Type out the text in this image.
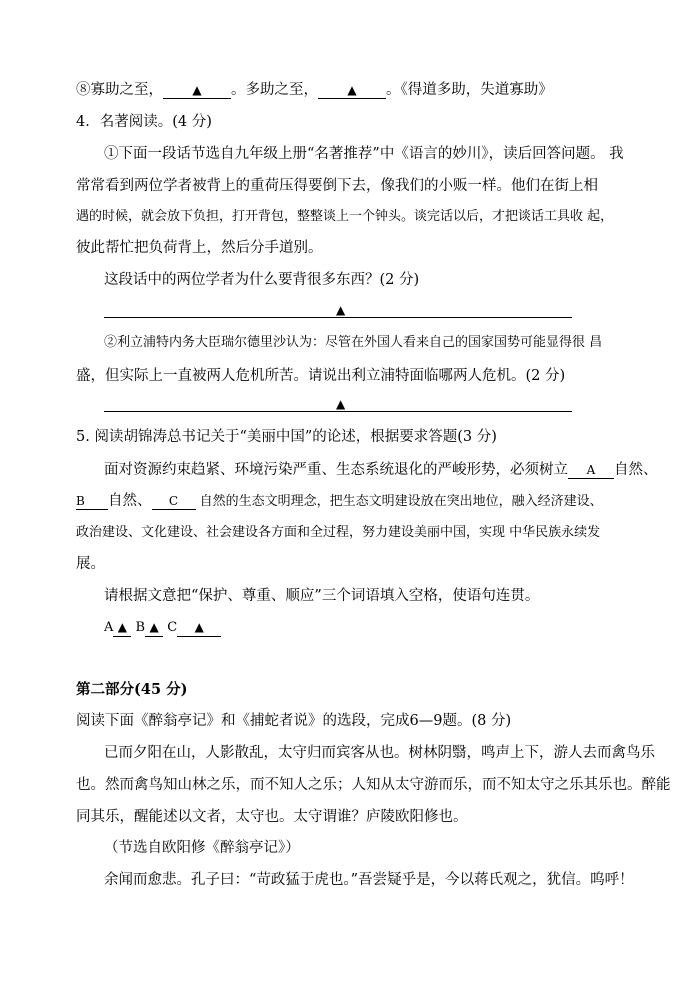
⑧寡助之至， ▲ 。多助之至， ▲ 。《得道多助，失道寡助》
4．名著阅读。(4 分)
①下面一段话节选自九年级上册“名著推荐”中《语言的妙川》，读后回答问题。 我
常常看到两位学者被背上的重荷压得要倒下去，像我们的小贩一样。他们在街上相
遇的时候，就会放下负担，打开背包，整整谈上一个钟头。谈完话以后，才把谈话工具收 起，
彼此帮忙把负荷背上，然后分手道别。
这段话中的两位学者为什么要背很多东西？(2 分)
▲
②利立浦特内务大臣瑞尔德里沙认为：尽管在外国人看来自己的国家国势可能显得很 昌
盛，但实际上一直被两人危机所苦。请说出利立浦特面临哪两人危机。(2 分)
▲
5. 阅读胡锦涛总书记关于“美丽中国”的论述，根据要求答题(3 分)
面对资源约束趋紧、环境污染严重、生态系统退化的严峻形势，必须树立 A 自然、
B 自然、 C 自然的生态文明理念，把生态文明建设放在突出地位，融入经济建设、
政治建设、文化建设、社会建设各方面和全过程，努力建设美丽中国，实现 中华民族永续发
展。
请根据文意把“保护、尊重、顺应”三个词语填入空格，使语句连贯。
A ▲ B ▲ C ▲
第二部分(45 分)
阅读下面《醉翁亭记》和《捕蛇者说》的选段，完成6—9题。(8 分)
已而夕阳在山，人影散乱，太守归而宾客从也。树林阴翳，鸣声上下，游人去而禽鸟乐
也。然而禽鸟知山林之乐，而不知人之乐；人知从太守游而乐，而不知太守之乐其乐也。醉能
同其乐，醒能述以文者，太守也。太守谓谁？庐陵欧阳修也。
（节选自欧阳修《醉翁亭记》）
余闻而愈悲。孔子曰：“苛政猛于虎也。”吾尝疑乎是，今以蒋氏观之，犹信。呜呼！
